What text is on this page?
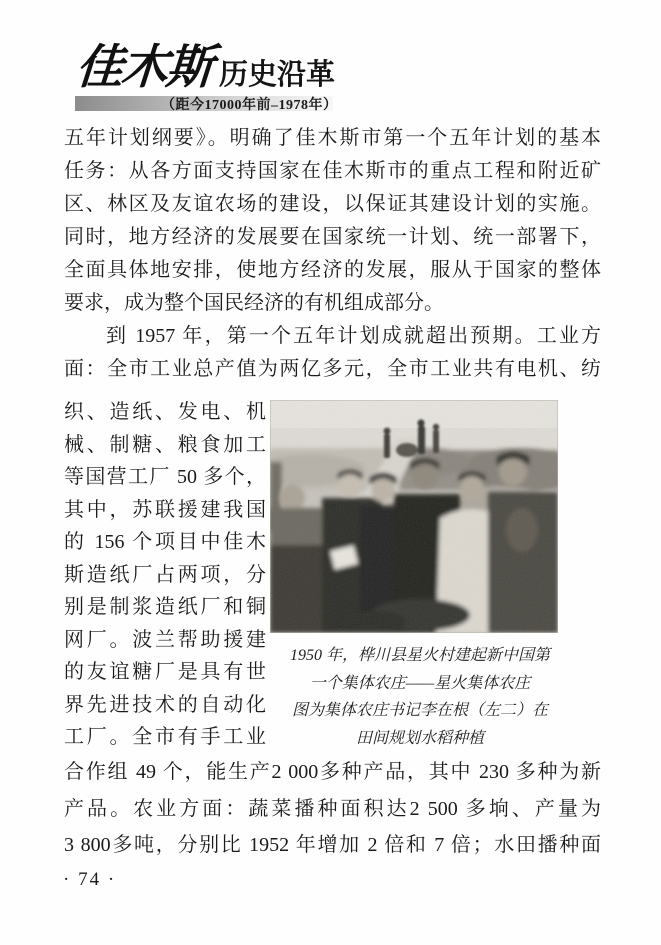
佳木斯 历史沿革
（距今17000年前–1978年）
五年计划纲要》。明确了佳木斯市第一个五年计划的基本
任务：从各方面支持国家在佳木斯市的重点工程和附近矿
区、林区及友谊农场的建设，以保证其建设计划的实施。
同时，地方经济的发展要在国家统一计划、统一部署下，
全面具体地安排，使地方经济的发展，服从于国家的整体
要求，成为整个国民经济的有机组成部分。
到 1957 年，第一个五年计划成就超出预期。工业方
面：全市工业总产值为两亿多元，全市工业共有电机、纺
织、造纸、发电、机
械、制糖、粮食加工
等国营工厂 50 多个，
其中，苏联援建我国
的 156 个项目中佳木
斯造纸厂占两项，分
别是制浆造纸厂和铜
网厂。波兰帮助援建
的友谊糖厂是具有世
界先进技术的自动化
工厂。全市有手工业
1950 年，桦川县星火村建起新中国第
一个集体农庄——星火集体农庄
图为集体农庄书记李在根（左二）在
田间规划水稻种植
合作组 49 个，能生产2 000多种产品，其中 230 多种为新
产品。农业方面：蔬菜播种面积达2 500 多垧、产量为
3 800多吨，分别比 1952 年增加 2 倍和 7 倍；水田播种面
· 74 ·
